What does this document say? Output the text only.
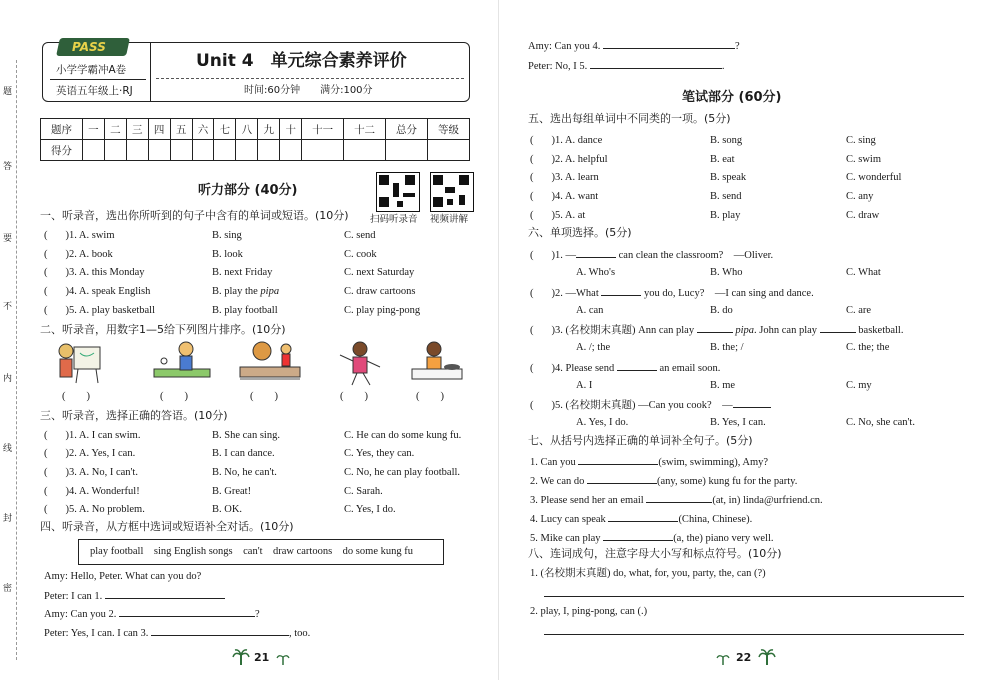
题
答
要
不
内
线
封
密
PASS
小学学霸冲A卷
英语五年级上·RJ
Unit 4　单元综合素养评价
时间:60分钟　　满分:100分
题序	一	二	三	四	五	六	七	八	九	十	十一	十二	总分	等级
得分														
听力部分 (40分)
扫码听录音 视频讲解
一、听录音，选出你所听到的句子中含有的单词或短语。(10分)
( )1. A. swim	B. sing	C. send
( )2. A. book	B. look	C. cook
( )3. A. this Monday	B. next Friday	C. next Saturday
( )4. A. speak English	B. play the pipa	C. draw cartoons
( )5. A. play basketball	B. play football	C. play ping-pong
二、听录音，用数字1—5给下列图片排序。(10分)
(　　)	(　　)	(　　)	(　　)	(　　)
三、听录音，选择正确的答语。(10分)
( )1. A. I can swim.	B. She can sing.	C. He can do some kung fu.
( )2. A. Yes, I can.	B. I can dance.	C. Yes, they can.
( )3. A. No, I can't.	B. No, he can't.	C. No, he can play football.
( )4. A. Wonderful!	B. Great!	C. Sarah.
( )5. A. No problem.	B. OK.	C. Yes, I do.
四、听录音，从方框中选词或短语补全对话。(10分)
play football　sing English songs　can't　draw cartoons　do some kung fu
Amy: Hello, Peter. What can you do?
Peter: I can 1.
Amy: Can you 2.	?
Peter: Yes, I can. I can 3.	, too.
21
Amy: Can you 4.	?
Peter: No, I 5.	.
笔试部分 (60分)
五、选出每组单词中不同类的一项。(5分)
( )1. A. dance	B. song	C. sing
( )2. A. helpful	B. eat	C. swim
( )3. A. learn	B. speak	C. wonderful
( )4. A. want	B. send	C. any
( )5. A. at	B. play	C. draw
六、单项选择。(5分)
( )1. —	can clean the classroom?　—Oliver.
A. Who's	B. Who	C. What
( )2. —What	you do, Lucy?　—I can sing and dance.
A. can	B. do	C. are
( )3. (名校期末真题) Ann can play	pipa. John can play	basketball.
A. /; the	B. the; /	C. the; the
( )4. Please send	an email soon.
A. I	B. me	C. my
( )5. (名校期末真题) —Can you cook?　—
A. Yes, I do.	B. Yes, I can.	C. No, she can't.
七、从括号内选择正确的单词补全句子。(5分)
1. Can you	(swim, swimming), Amy?
2. We can do	(any, some) kung fu for the party.
3. Please send her an email	(at, in) linda@urfriend.cn.
4. Lucy can speak	(China, Chinese).
5. Mike can play	(a, the) piano very well.
八、连词成句，注意字母大小写和标点符号。(10分)
1. (名校期末真题) do, what, for, you, party, the, can (?)
2. play, I, ping-pong, can (.)
22
